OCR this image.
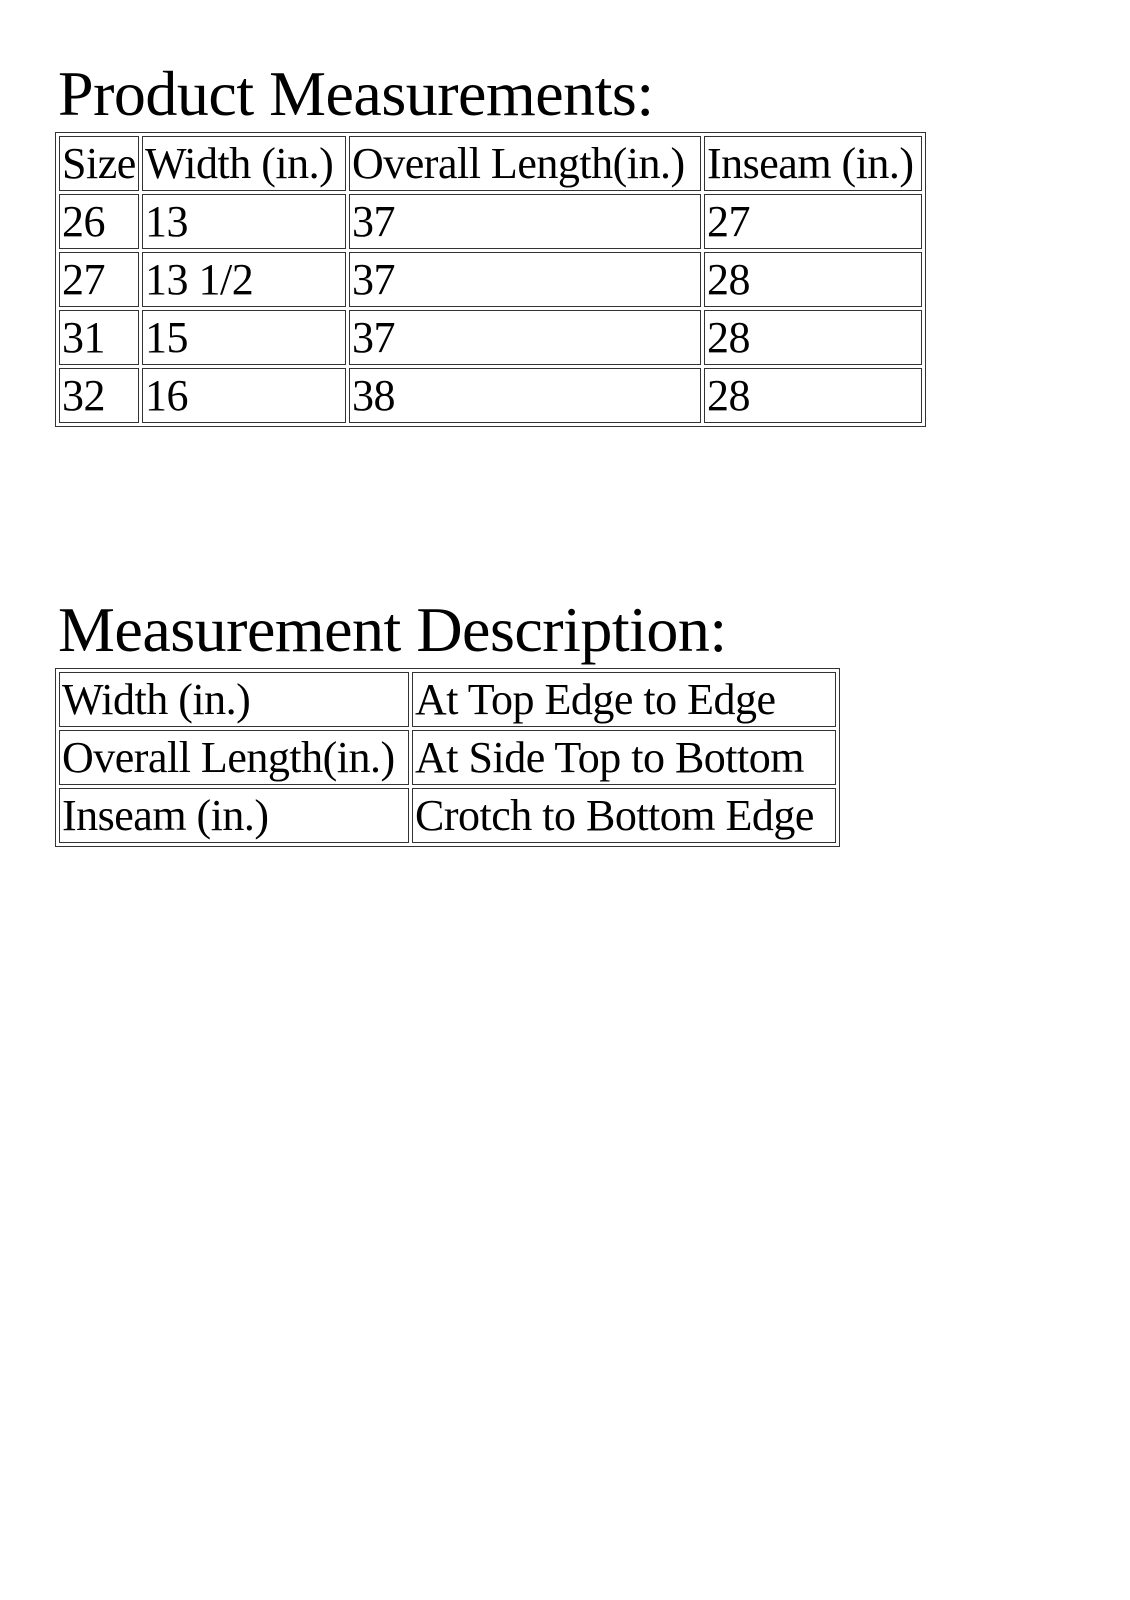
Product Measurements:
Size	Width (in.)	Overall Length(in.)	Inseam (in.)
26	13	37	27
27	13 1/2	37	28
31	15	37	28
32	16	38	28
Measurement Description:
Width (in.)	At Top Edge to Edge
Overall Length(in.)	At Side Top to Bottom
Inseam (in.)	Crotch to Bottom Edge
